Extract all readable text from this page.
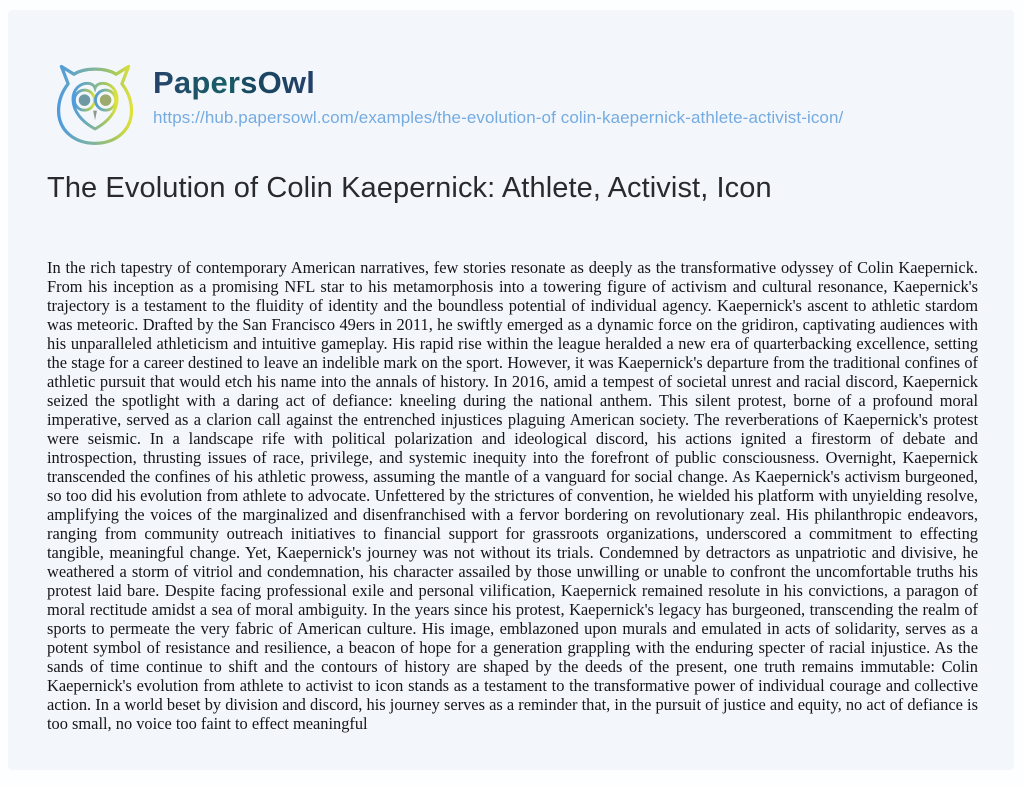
PapersOwl
https://hub.papersowl.com/examples/the-evolution-of colin-kaepernick-athlete-activist-icon/
The Evolution of Colin Kaepernick: Athlete, Activist, Icon
In the rich tapestry of contemporary American narratives, few stories resonate as deeply as the transformative odyssey of Colin Kaepernick. From his inception as a promising NFL star to his metamorphosis into a towering figure of activism and cultural resonance, Kaepernick's trajectory is a testament to the fluidity of identity and the boundless potential of individual agency. Kaepernick's ascent to athletic stardom was meteoric. Drafted by the San Francisco 49ers in 2011, he swiftly emerged as a dynamic force on the gridiron, captivating audiences with his unparalleled athleticism and intuitive gameplay. His rapid rise within the league heralded a new era of quarterbacking excellence, setting the stage for a career destined to leave an indelible mark on the sport. However, it was Kaepernick's departure from the traditional confines of athletic pursuit that would etch his name into the annals of history. In 2016, amid a tempest of societal unrest and racial discord, Kaepernick seized the spotlight with a daring act of defiance: kneeling during the national anthem. This silent protest, borne of a profound moral imperative, served as a clarion call against the entrenched injustices plaguing American society. The reverberations of Kaepernick's protest were seismic. In a landscape rife with political polarization and ideological discord, his actions ignited a firestorm of debate and introspection, thrusting issues of race, privilege, and systemic inequity into the forefront of public consciousness. Overnight, Kaepernick transcended the confines of his athletic prowess, assuming the mantle of a vanguard for social change. As Kaepernick's activism burgeoned, so too did his evolution from athlete to advocate. Unfettered by the strictures of convention, he wielded his platform with unyielding resolve, amplifying the voices of the marginalized and disenfranchised with a fervor bordering on revolutionary zeal. His philanthropic endeavors, ranging from community outreach initiatives to financial support for grassroots organizations, underscored a commitment to effecting tangible, meaningful change. Yet, Kaepernick's journey was not without its trials. Condemned by detractors as unpatriotic and divisive, he weathered a storm of vitriol and condemnation, his character assailed by those unwilling or unable to confront the uncomfortable truths his protest laid bare. Despite facing professional exile and personal vilification, Kaepernick remained resolute in his convictions, a paragon of moral rectitude amidst a sea of moral ambiguity. In the years since his protest, Kaepernick's legacy has burgeoned, transcending the realm of sports to permeate the very fabric of American culture. His image, emblazoned upon murals and emulated in acts of solidarity, serves as a potent symbol of resistance and resilience, a beacon of hope for a generation grappling with the enduring specter of racial injustice. As the sands of time continue to shift and the contours of history are shaped by the deeds of the present, one truth remains immutable: Colin Kaepernick's evolution from athlete to activist to icon stands as a testament to the transformative power of individual courage and collective action. In a world beset by division and discord, his journey serves as a reminder that, in the pursuit of justice and equity, no act of defiance is too small, no voice too faint to effect meaningful
